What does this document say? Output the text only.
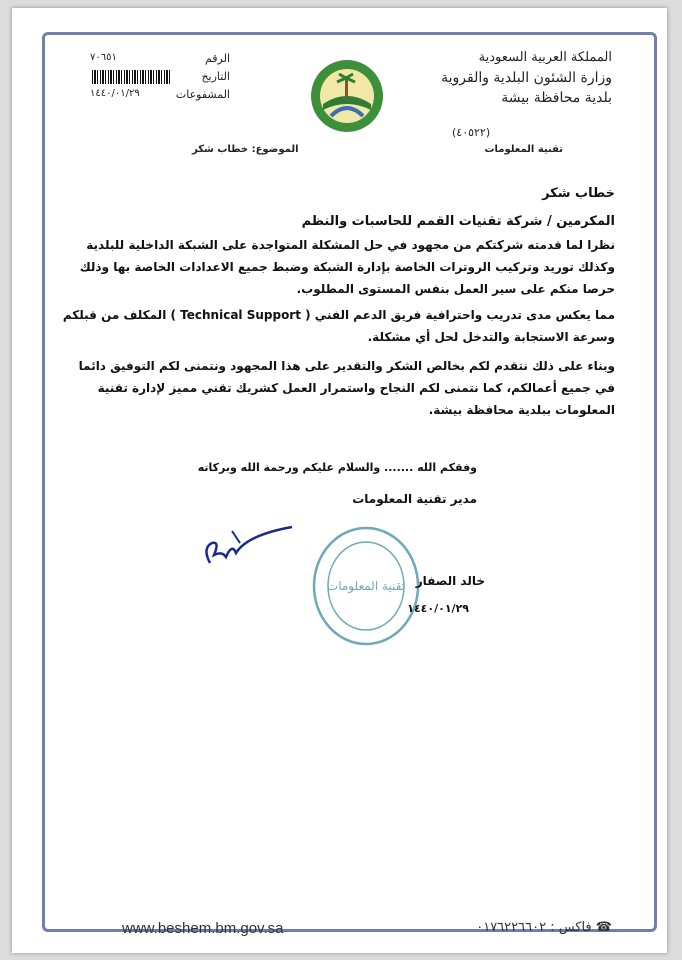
المملكة العربية السعودية
وزارة الشئون البلدية والقروية
بلدية محافظة بيشة
(٤٠٥٢٢)
تقنية المعلومات
الرقم
٧٠٦٥١
التاريخ
المشفوعات
١٤٤٠/٠١/٢٩
الموضوع: خطاب شكر
خطاب شكر
المكرمين / شركة تقنيات القمم للحاسبات والنظم
نظرا لما قدمته شركتكم من مجهود في حل المشكلة المتواجدة على الشبكة الداخلية للبلدية وكذلك توريد وتركيب الروترات الخاصة بإدارة الشبكة وضبط جميع الاعدادات الخاصة بها وذلك حرصا منكم على سير العمل بنفس المستوى المطلوب.
مما يعكس مدى تدريب واحترافية فريق الدعم الفني ( Technical Support ) المكلف من قبلكم وسرعة الاستجابة والتدخل لحل أي مشكلة.
وبناء على ذلك نتقدم لكم بخالص الشكر والتقدير على هذا المجهود ونتمنى لكم التوفيق دائما في جميع أعمالكم، كما نتمنى لكم النجاح واستمرار العمل كشريك تقني مميز لإدارة تقنية المعلومات ببلدية محافظة بيشة.
وفقكم الله ....... والسلام عليكم ورحمة الله وبركاته
مدير تقنية المعلومات
تقنية المعلومات خالد الصفار
١٤٤٠/٠١/٢٩
www.beshem.bm.gov.sa	☎ فاكس : ٠١٧٦٢٢٦٦٠٢
